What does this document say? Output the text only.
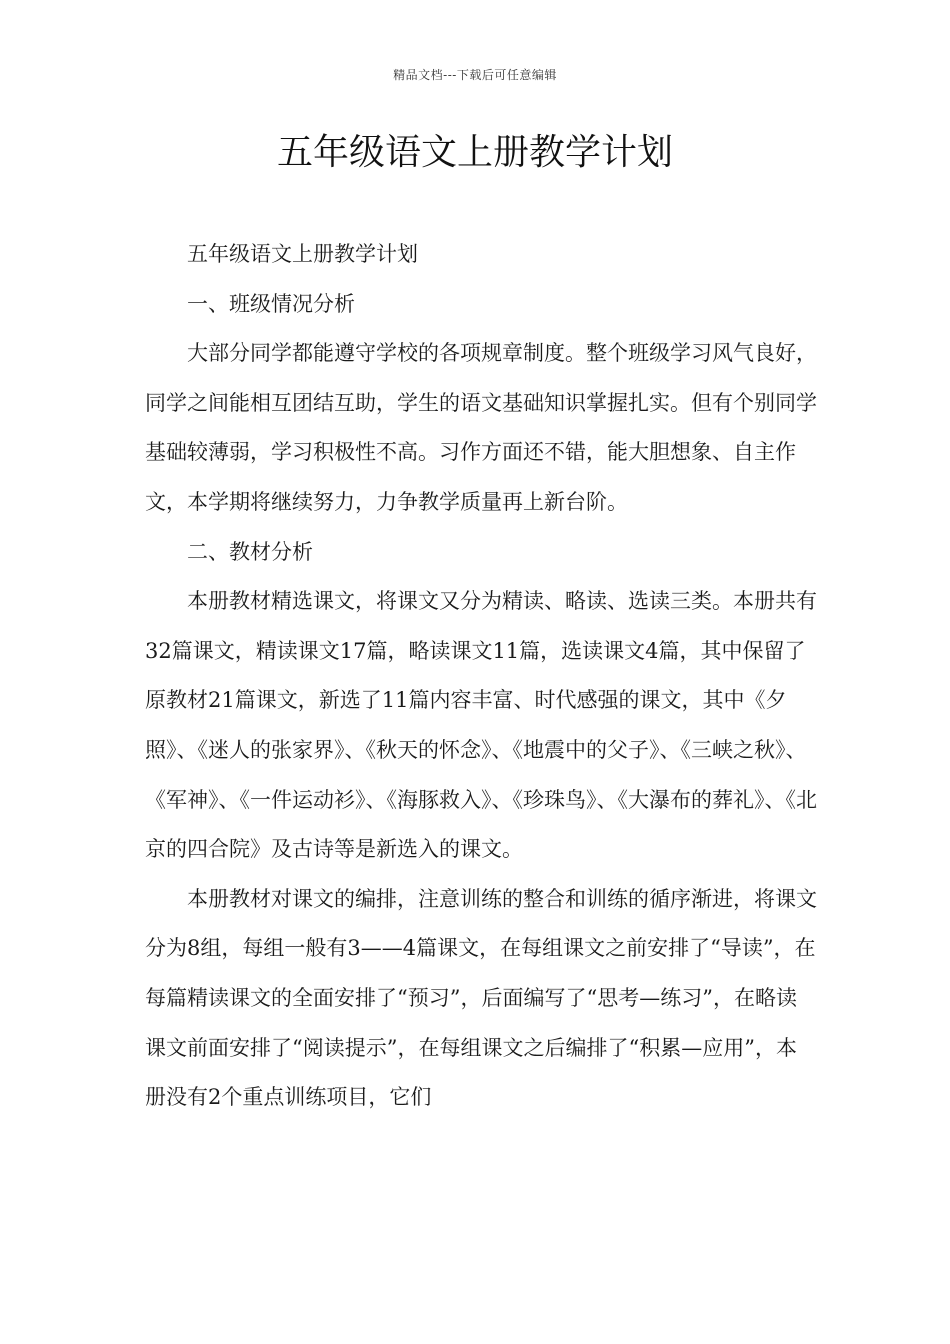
精品文档---下载后可任意编辑
五年级语文上册教学计划

五年级语文上册教学计划

一、班级情况分析

大部分同学都能遵守学校的各项规章制度。整个班级学习风气良好，同学之间能相互团结互助，学生的语文基础知识掌握扎实。但有个别同学基础较薄弱，学习积极性不高。习作方面还不错，能大胆想象、自主作文，本学期将继续努力，力争教学质量再上新台阶。

二、教材分析

本册教材精选课文，将课文又分为精读、略读、选读三类。本册共有32篇课文，精读课文17篇，略读课文11篇，选读课文4篇，其中保留了原教材21篇课文，新选了11篇内容丰富、时代感强的课文，其中《夕照》、《迷人的张家界》、《秋天的怀念》、《地震中的父子》、《三峡之秋》、《军神》、《一件运动衫》、《海豚救入》、《珍珠鸟》、《大瀑布的葬礼》、《北京的四合院》及古诗等是新选入的课文。

本册教材对课文的编排，注意训练的整合和训练的循序渐进，将课文分为8组，每组一般有3——4篇课文，在每组课文之前安排了“导读”，在每篇精读课文的全面安排了“预习”，后面编写了“思考—练习”，在略读课文前面安排了“阅读提示”，在每组课文之后编排了“积累—应用”，本册没有2个重点训练项目，它们
